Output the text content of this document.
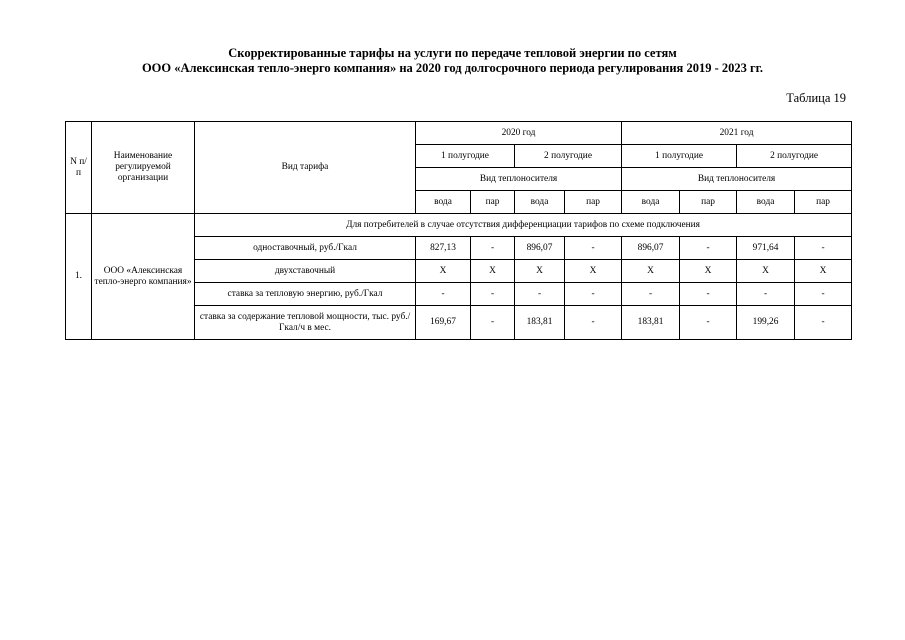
Скорректированные тарифы на услуги по передаче тепловой энергии по сетям
ООО «Алексинская тепло-энерго компания» на 2020 год долгосрочного периода регулирования 2019 - 2023 гг.
Таблица 19
N п/п	Наименование регулируемой организации	Вид тарифа	2020 год				2021 год			
			1 полугодие		2 полугодие		1 полугодие		2 полугодие	
			Вид теплоносителя				Вид теплоносителя			
			вода	пар	вода	пар	вода	пар	вода	пар
1.	ООО «Алексинская тепло-энерго компания»	Для потребителей в случае отсутствия дифференциации тарифов по схеме подключения								
		одноставочный, руб./Гкал	827,13	-	896,07	-	896,07	-	971,64	-
		двухставочный	X	X	X	X	X	X	X	X
		ставка за тепловую энергию, руб./Гкал	-	-	-	-	-	-	-	-
		ставка за содержание тепловой мощности, тыс. руб./Гкал/ч в мес.	169,67	-	183,81	-	183,81	-	199,26	-
